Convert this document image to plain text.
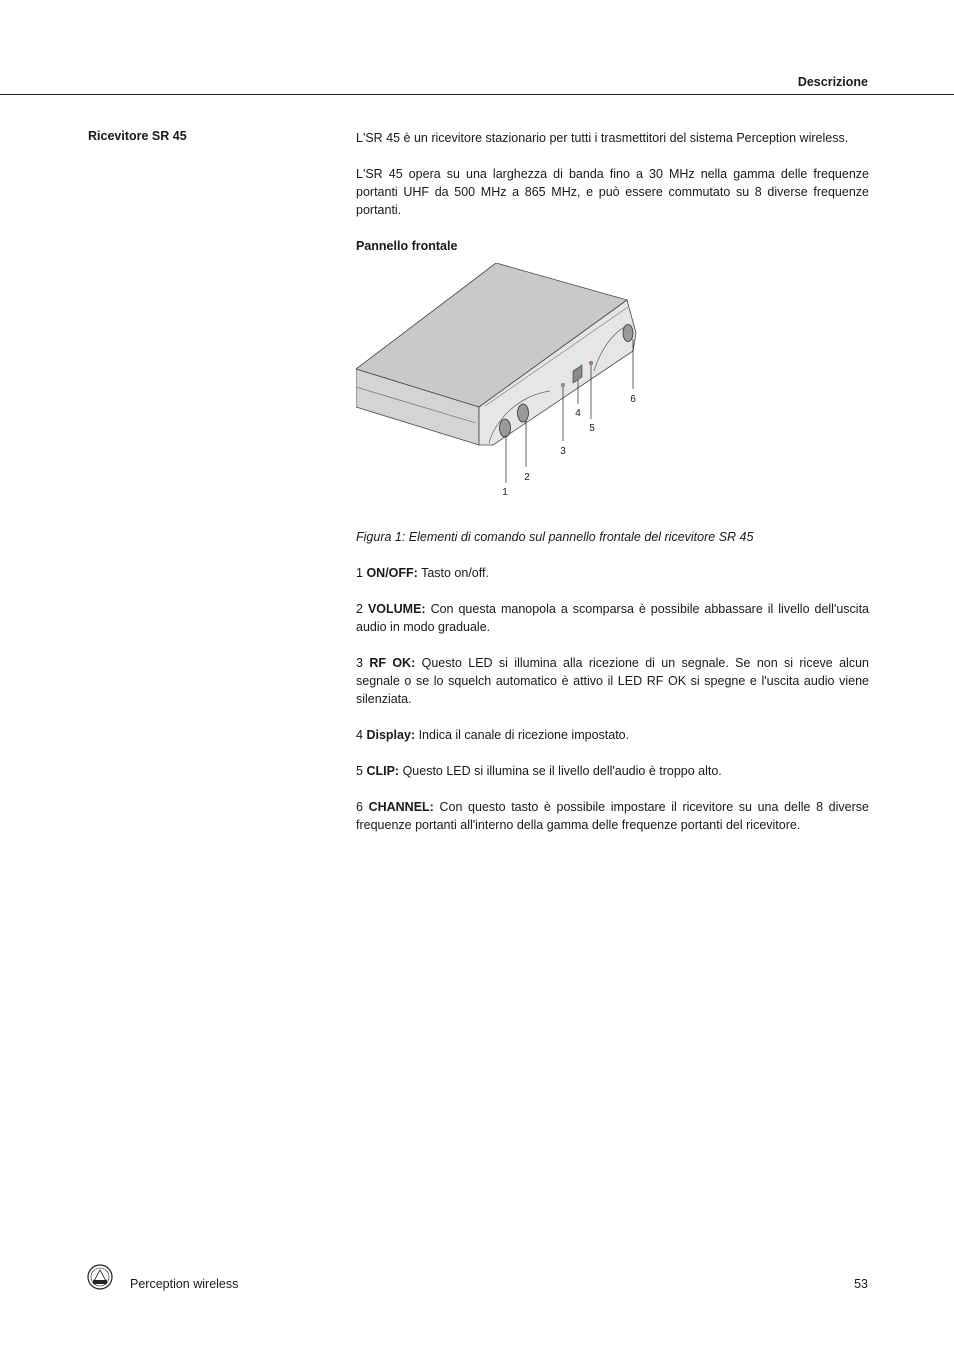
Descrizione
Ricevitore SR 45	L'SR 45 è un ricevitore stazionario per tutti i trasmettitori del sistema Perception wireless.

L'SR 45 opera su una larghezza di banda fino a 30 MHz nella gamma delle frequenze portanti UHF da 500 MHz a 865 MHz, e può essere commutato su 8 diverse frequenze portanti.

Pannello frontale
1
2
3
4
5
6
Figura 1: Elementi di comando sul pannello frontale del ricevitore SR 45

1 ON/OFF: Tasto on/off.

2 VOLUME: Con questa manopola a scomparsa è possibile abbassare il livello dell'uscita audio in modo graduale.

3 RF OK: Questo LED si illumina alla ricezione di un segnale. Se non si riceve alcun segnale o se lo squelch automatico è attivo il LED RF OK si spegne e l'uscita audio viene silenziata.

4 Display: Indica il canale di ricezione impostato.

5 CLIP: Questo LED si illumina se il livello dell'audio è troppo alto.

6 CHANNEL: Con questo tasto è possibile impostare il ricevitore su una delle 8 diverse frequenze portanti all'interno della gamma delle frequenze portanti del ricevitore.

Perception wireless	53
